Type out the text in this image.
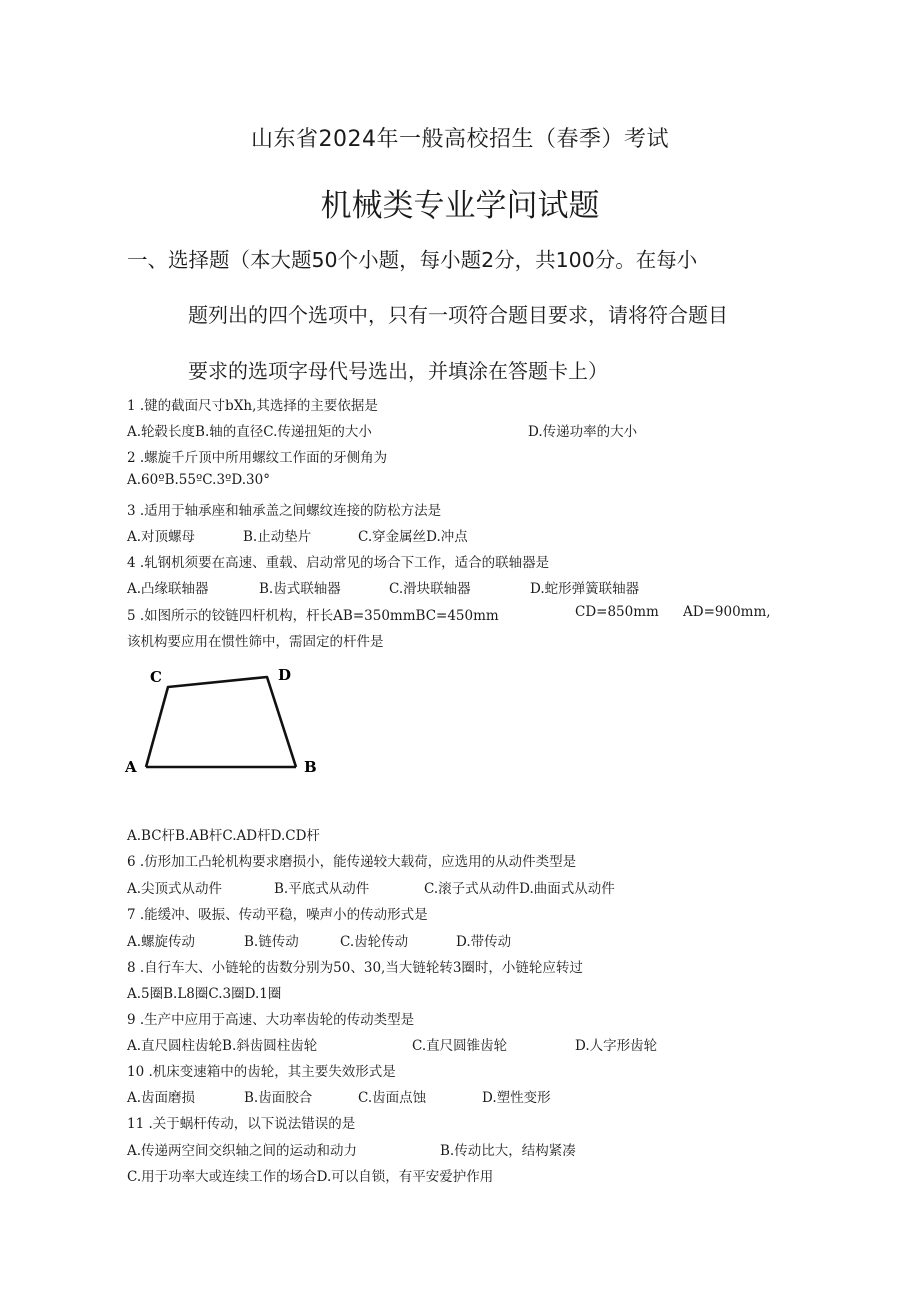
山东省2024年一般高校招生（春季）考试
机械类专业学问试题
一、选择题（本大题50个小题，每小题2分，共100分。在每小
题列出的四个选项中，只有一项符合题目要求，请将符合题目
要求的选项字母代号选出，并填涂在答题卡上）
1 .键的截面尺寸bXh,其选择的主要依据是
A.轮毂长度B.轴的直径C.传递扭矩的大小	D.传递功率的大小
2 .螺旋千斤顶中所用螺纹工作面的牙侧角为
A.60ºB.55ºC.3ºD.30°
3 .适用于轴承座和轴承盖之间螺纹连接的防松方法是
A.对顶螺母	B.止动垫片	C.穿金属丝D.冲点
4 .轧钢机须要在高速、重载、启动常见的场合下工作，适合的联轴器是
A.凸缘联轴器	B.齿式联轴器	C.滑块联轴器	D.蛇形弹簧联轴器
5 .如图所示的铰链四杆机构，杆长AB=350mmBC=450mm	CD=850mm AD=900mm,
该机构要应用在惯性筛中，需固定的杆件是
A	B
C	D
A.BC杆B.AB杆C.AD杆D.CD杆
6 .仿形加工凸轮机构要求磨损小，能传递较大载荷，应选用的从动件类型是
A.尖顶式从动件	B.平底式从动件	C.滚子式从动件D.曲面式从动件
7 .能缓冲、吸振、传动平稳，噪声小的传动形式是
A.螺旋传动	B.链传动	C.齿轮传动	D.带传动
8 .自行车大、小链轮的齿数分别为50、30,当大链轮转3圈时，小链轮应转过
A.5圈B.L8圈C.3圈D.1圈
9 .生产中应用于高速、大功率齿轮的传动类型是
A.直尺圆柱齿轮B.斜齿圆柱齿轮	C.直尺圆锥齿轮	D.人字形齿轮
10 .机床变速箱中的齿轮，其主要失效形式是
A.齿面磨损	B.齿面胶合	C.齿面点蚀	D.塑性变形
11 .关于蜗杆传动，以下说法错误的是
A.传递两空间交织轴之间的运动和动力	B.传动比大，结构紧凑
C.用于功率大或连续工作的场合D.可以自锁，有平安爱护作用
